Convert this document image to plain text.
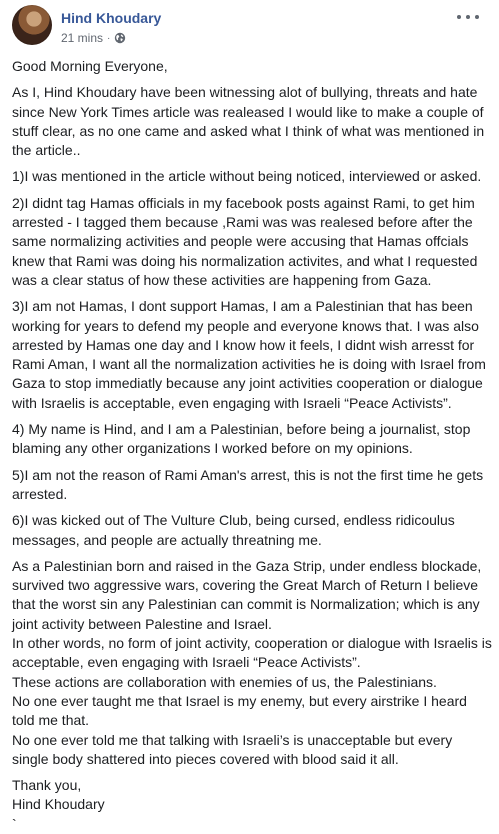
Hind Khoudary
21 mins ·

Good Morning Everyone,

As I, Hind Khoudary have been witnessing alot of bullying, threats and hate since New York Times article was realeased I would like to make a couple of stuff clear, as no one came and asked what I think of what was mentioned in the article..

1)I was mentioned in the article without being noticed, interviewed or asked.

2)I didnt tag Hamas officials in my facebook posts against Rami, to get him arrested - I tagged them because ,Rami was was realesed before after the same normalizing activities and people were accusing that Hamas offcials knew that Rami was doing his normalization activites, and what I requested was a clear status of how these activities are happening from Gaza.

3)I am not Hamas, I dont support Hamas, I am a Palestinian that has been working for years to defend my people and everyone knows that. I was also arrested by Hamas one day and I know how it feels, I didnt wish arresst for Rami Aman, I want all the normalization activities he is doing with Israel from Gaza to stop immediatly because any joint activities cooperation or dialogue with Israelis is acceptable, even engaging with Israeli “Peace Activists”.

4) My name is Hind, and I am a Palestinian, before being a journalist, stop blaming any other organizations I worked before on my opinions.

5)I am not the reason of Rami Aman's arrest, this is not the first time he gets arrested.

6)I was kicked out of The Vulture Club, being cursed, endless ridicoulus messages, and people are actually threatning me.

As a Palestinian born and raised in the Gaza Strip, under endless blockade, survived two aggressive wars, covering the Great March of Return I believe that the worst sin any Palestinian can commit is Normalization; which is any joint activity between Palestine and Israel.

In other words, no form of joint activity, cooperation or dialogue with Israelis is acceptable, even engaging with Israeli “Peace Activists”.

These actions are collaboration with enemies of us, the Palestinians.

No one ever taught me that Israel is my enemy, but every airstrike I heard told me that.

No one ever told me that talking with Israeli’s is unacceptable but every single body shattered into pieces covered with blood said it all.

Thank you,

Hind Khoudary

`
